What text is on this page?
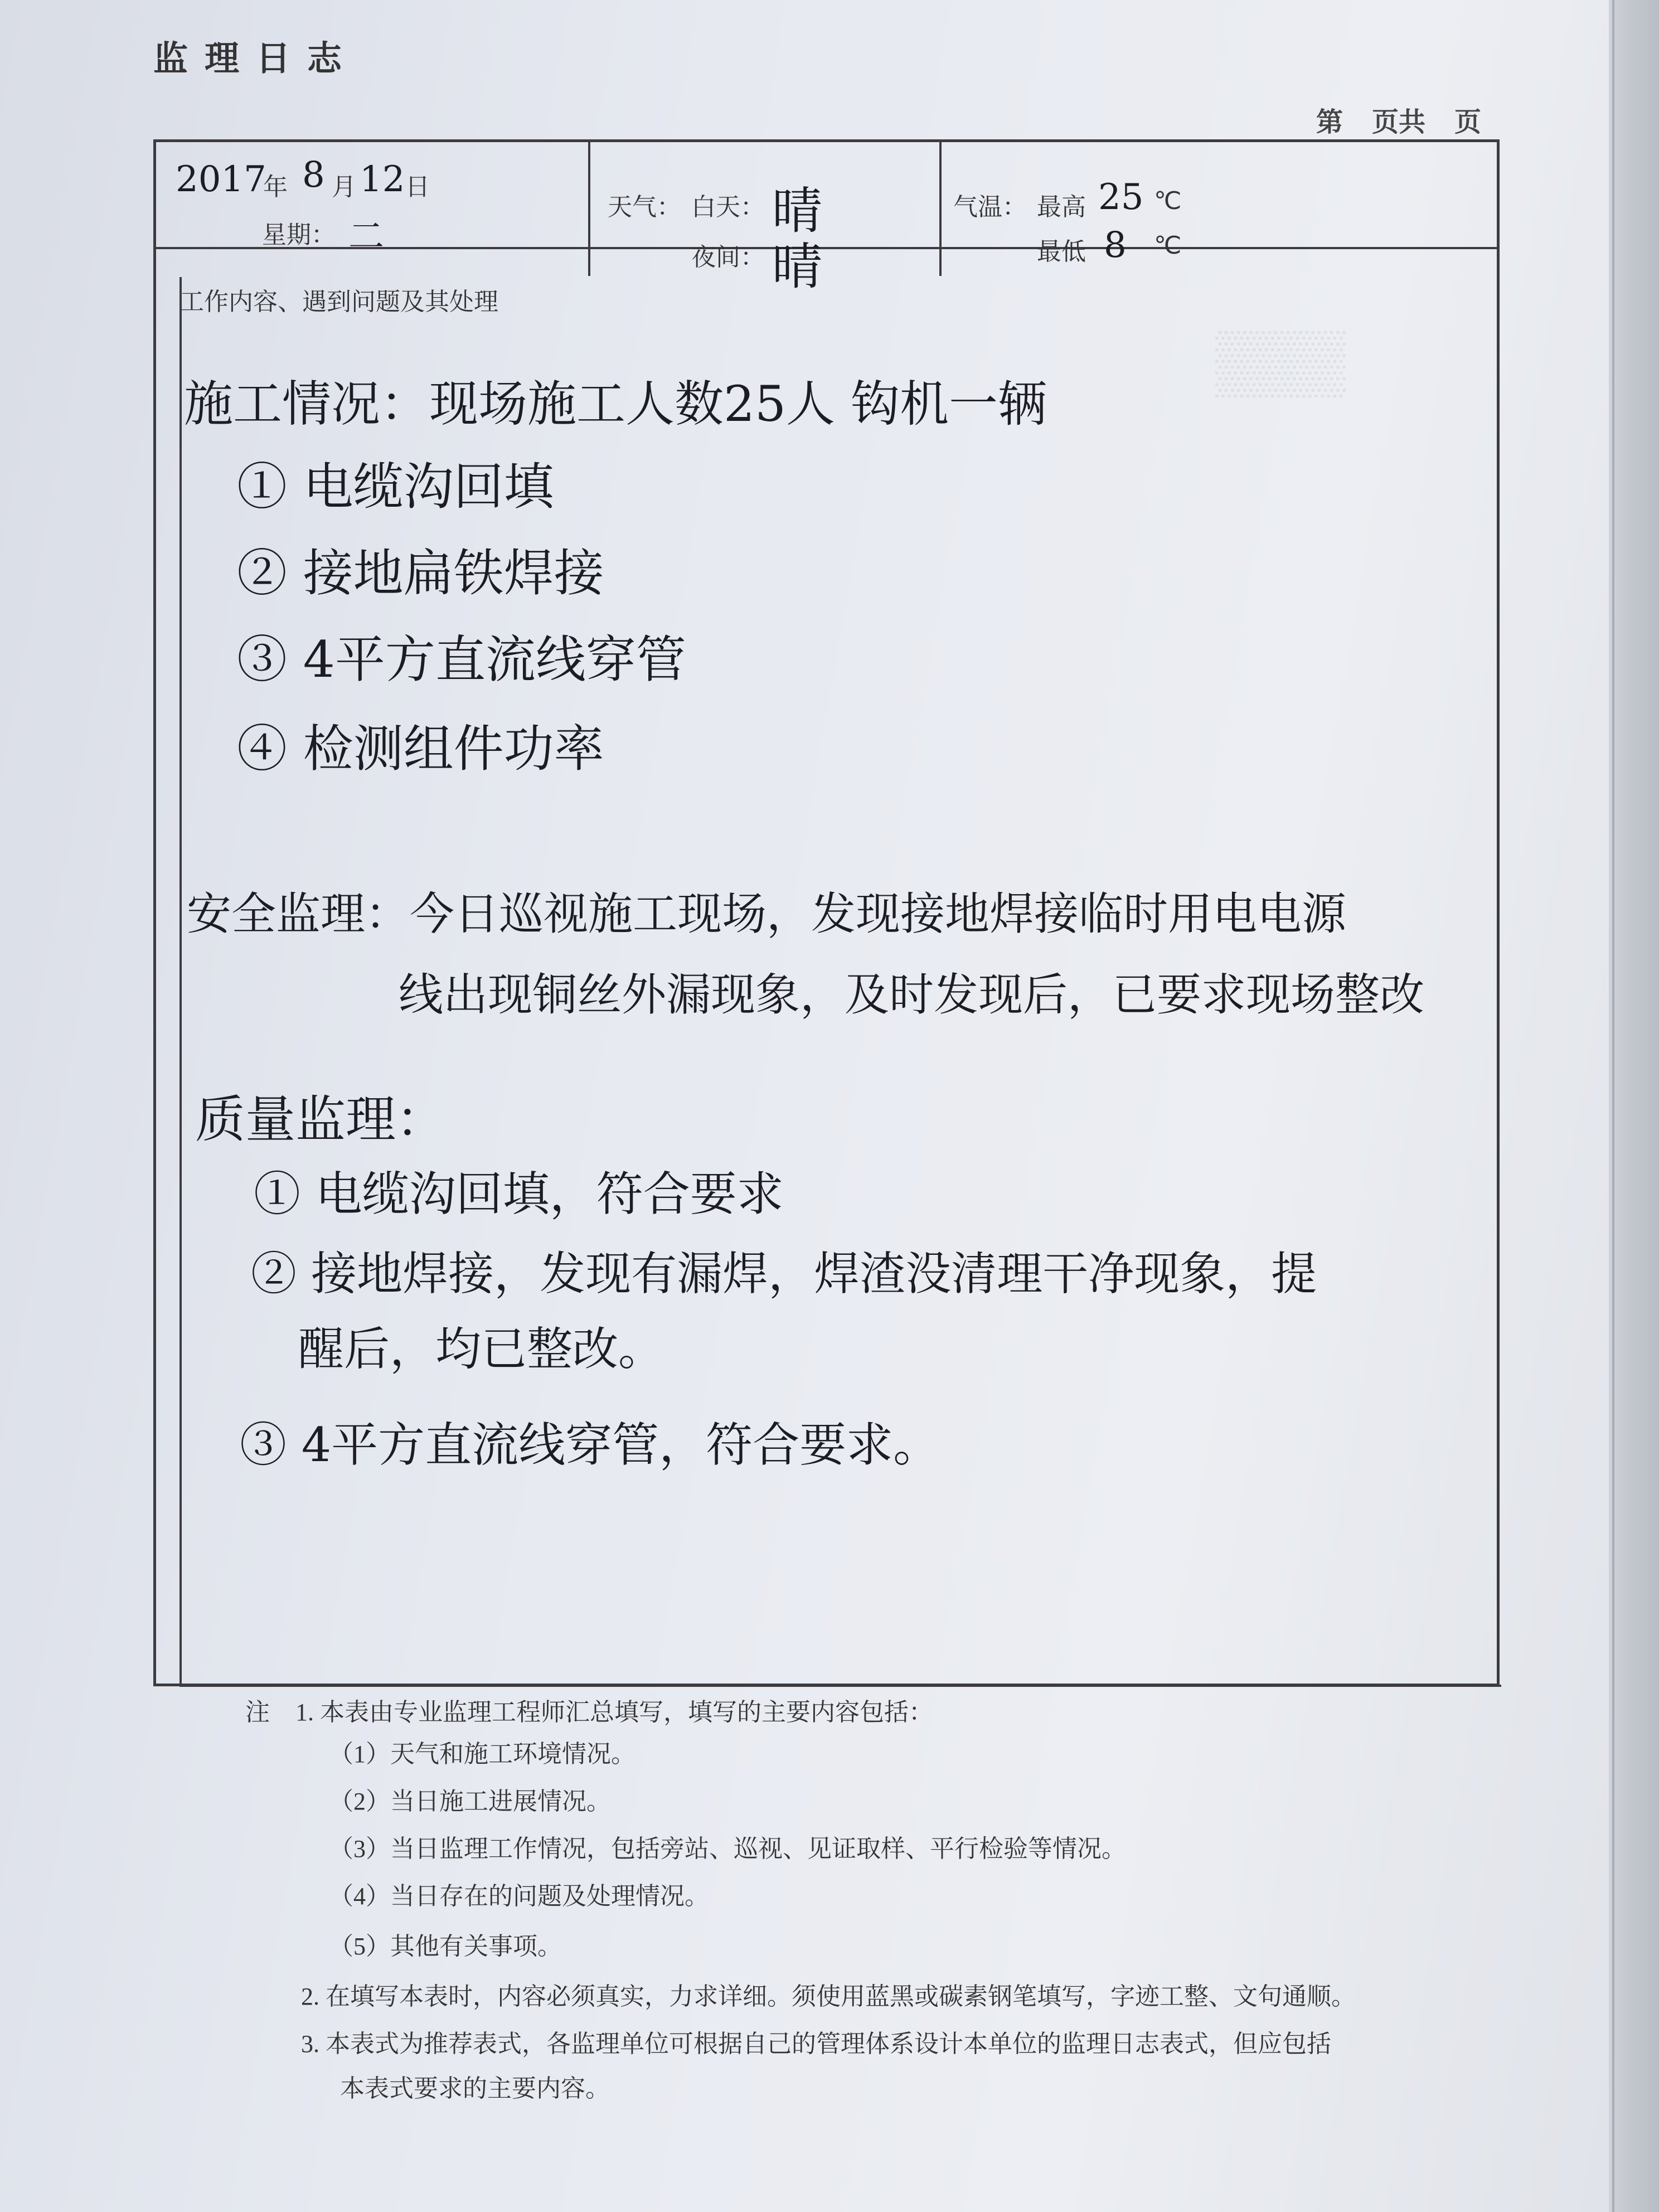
监理日志
第 页共 页
2017
年 8 月 12 日
星期： 二
天气： 白天： 晴
夜间： 晴
气温： 最高 25 ℃
最低 8 ℃
工作内容、遇到问题及其处理
▒▒▒
施工情况：现场施工人数25人 钩机一辆
① 电缆沟回填
② 接地扁铁焊接
③ 4平方直流线穿管
④ 检测组件功率
安全监理：今日巡视施工现场，发现接地焊接临时用电电源
线出现铜丝外漏现象，及时发现后，已要求现场整改
质量监理：
① 电缆沟回填，符合要求
② 接地焊接，发现有漏焊，焊渣没清理干净现象，提
醒后，均已整改。
③ 4平方直流线穿管，符合要求。
注 1. 本表由专业监理工程师汇总填写，填写的主要内容包括：
（1）天气和施工环境情况。
（2）当日施工进展情况。
（3）当日监理工作情况，包括旁站、巡视、见证取样、平行检验等情况。
（4）当日存在的问题及处理情况。
（5）其他有关事项。
2. 在填写本表时，内容必须真实，力求详细。须使用蓝黑或碳素钢笔填写，字迹工整、文句通顺。
3. 本表式为推荐表式，各监理单位可根据自己的管理体系设计本单位的监理日志表式，但应包括
本表式要求的主要内容。
